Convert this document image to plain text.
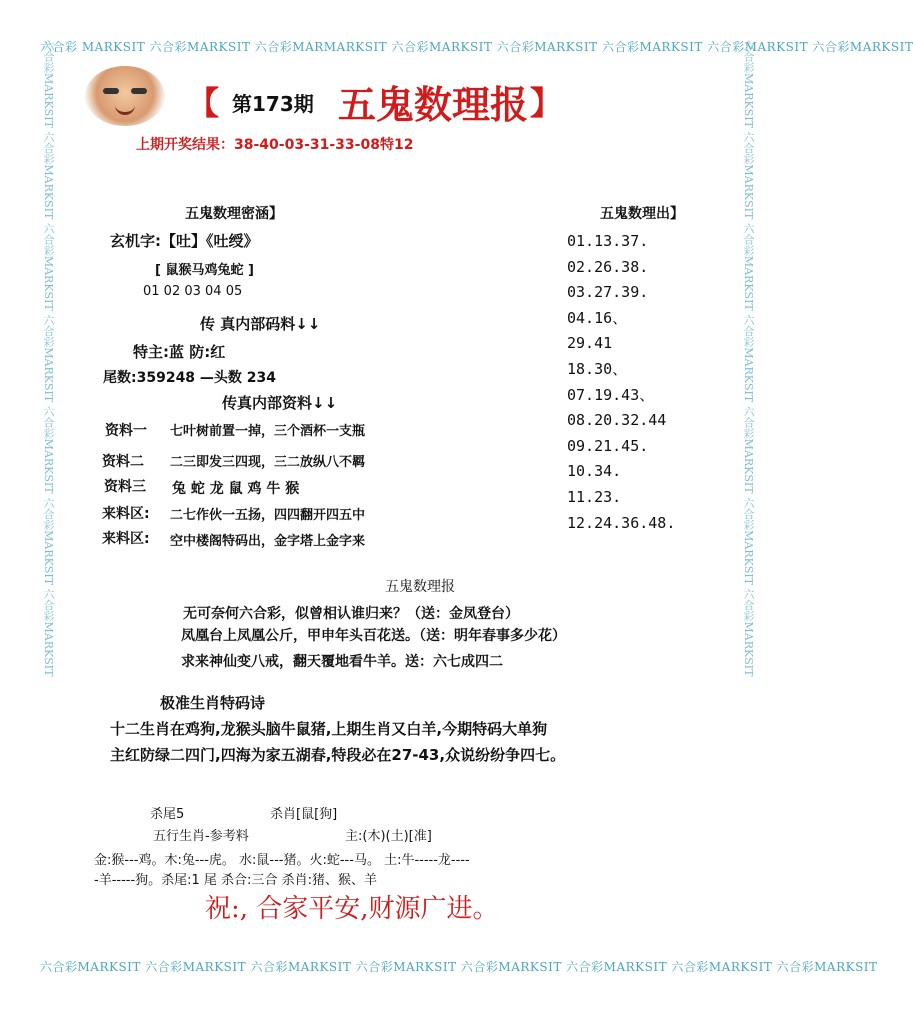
六合彩 MARKSIT 六合彩MARKSIT 六合彩MARMARKSIT 六合彩MARKSIT 六合彩MARKSIT 六合彩MARKSIT 六合彩MARKSIT 六合彩MARKSIT
六合彩MARKSIT 六合彩MARKSIT 六合彩MARKSIT 六合彩MARKSIT 六合彩MARKSIT 六合彩MARKSIT 六合彩MARKSIT 六合彩MARKSIT
六合彩MARKSIT 六合彩MARKSIT 六合彩MARKSIT 六合彩MARKSIT 六合彩MARKSIT 六合彩MARKSIT 六合彩MARKSIT	六合彩MARKSIT 六合彩MARKSIT 六合彩MARKSIT 六合彩MARKSIT 六合彩MARKSIT 六合彩MARKSIT 六合彩MARKSIT
【 第173期 五鬼数理报 】
上期开奖结果：38-40-03-31-33-08特12
五鬼数理密涵】
玄机字:【吐】《吐绶》
[ 鼠猴马鸡兔蛇 ]
01 02 03 04 05
传 真内部码料↓↓
特主:蓝 防:红
尾数:359248 —头数 234
传真内部资料↓↓
资料一 七叶树前置一掉，三个酒杯一支瓶
资料二 二三即发三四现，三二放纵八不羁
资料三 兔 蛇 龙 鼠 鸡 牛 猴
来料区: 二七作伙一五扬，四四翻开四五中
来料区: 空中楼阁特码出，金字塔上金字来
五鬼数理出】
01.13.37.
02.26.38.
03.27.39.
04.16、
29.41
18.30、
07.19.43、
08.20.32.44
09.21.45.
10.34.
11.23.
12.24.36.48.
五鬼数理报
无可奈何六合彩，似曾相认谁归来？（送：金凤登台）
凤凰台上凤凰公斤，甲申年头百花送。（送：明年春事多少花）
求来神仙变八戒，翻天覆地看牛羊。送：六七成四二
极准生肖特码诗
十二生肖在鸡狗,龙猴头脑牛鼠猪,上期生肖又白羊,今期特码大单狗
主红防绿二四门,四海为家五湖春,特段必在27-43,众说纷纷争四七。
杀尾5	杀肖[鼠[狗]
五行生肖-参考料	主:(木)(土)[准]
金:猴---鸡。木:兔---虎。 水:鼠---猪。火:蛇---马。 土:牛-----龙----
-羊-----狗。杀尾:1 尾 杀合:三合 杀肖:猪、猴、羊
祝:, 合家平安,财源广进。
